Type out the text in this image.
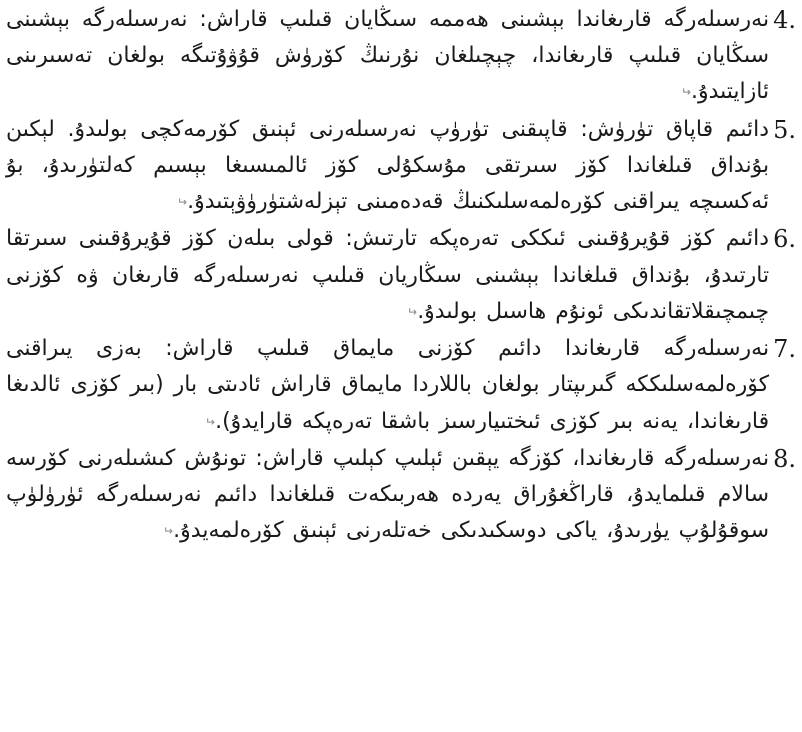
4.
نەرسىلەرگە قارىغاندا بېشىنى ھەممە سىڭايان قىلىپ قاراش: نەرسىلەرگە بېشىنى سىڭايان قىلىپ قارىغاندا، چېچىلغان نۇرنىڭ كۆرۈش قۇۋۇتىگە بولغان تەسىرىنى ئازايتىدۇ.↵
5.
دائىم قاپاق تۈرۈش: قاپىقنى تۈرۈپ نەرسىلەرنى ئېنىق كۆرمەكچى بولىدۇ. لېكىن بۇنداق قىلغاندا كۆز سىرتقى مۇسكۇلى كۆز ئالمىسىغا بېسىم كەلتۈرىدۇ، بۇ ئەكسىچە يىراقنى كۆرەلمەسلىكنىڭ قەدەمىنى تېزلەشتۈرۈۋېتىدۇ.↵
6.
دائىم كۆز قۇيرۇقىنى ئىككى تەرەپكە تارتىش: قولى بىلەن كۆز قۇيرۇقىنى سىرتقا تارتىدۇ، بۇنداق قىلغاندا بېشىنى سىڭاريان قىلىپ نەرسىلەرگە قارىغان ۋە كۆزنى چىمچىقلاتقاندىكى ئونۇم ھاسىل بولىدۇ.↵
7.
نەرسىلەرگە قارىغاندا دائىم كۆزنى مايماق قىلىپ قاراش: بەزى يىراقنى كۆرەلمەسلىككە گىرىپتار بولغان باللاردا مايماق قاراش ئادىتى بار (بىر كۆزى ئالدىغا قارىغاندا، يەنە بىر كۆزى ئىختىيارسىز باشقا تەرەپكە قارايدۇ).↵
8.
نەرسىلەرگە قارىغاندا، كۆزگە يېقىن ئېلىپ كېلىپ قاراش: تونۇش كىشىلەرنى كۆرسە سالام قىلمايدۇ، قاراڭغۇراق يەردە ھەربىكەت قىلغاندا دائىم نەرسىلەرگە ئۈرۈلۈپ سوقۇلۇپ يۈرىدۇ، ياكى دوسكىدىكى خەتلەرنى ئېنىق كۆرەلمەيدۇ.↵
